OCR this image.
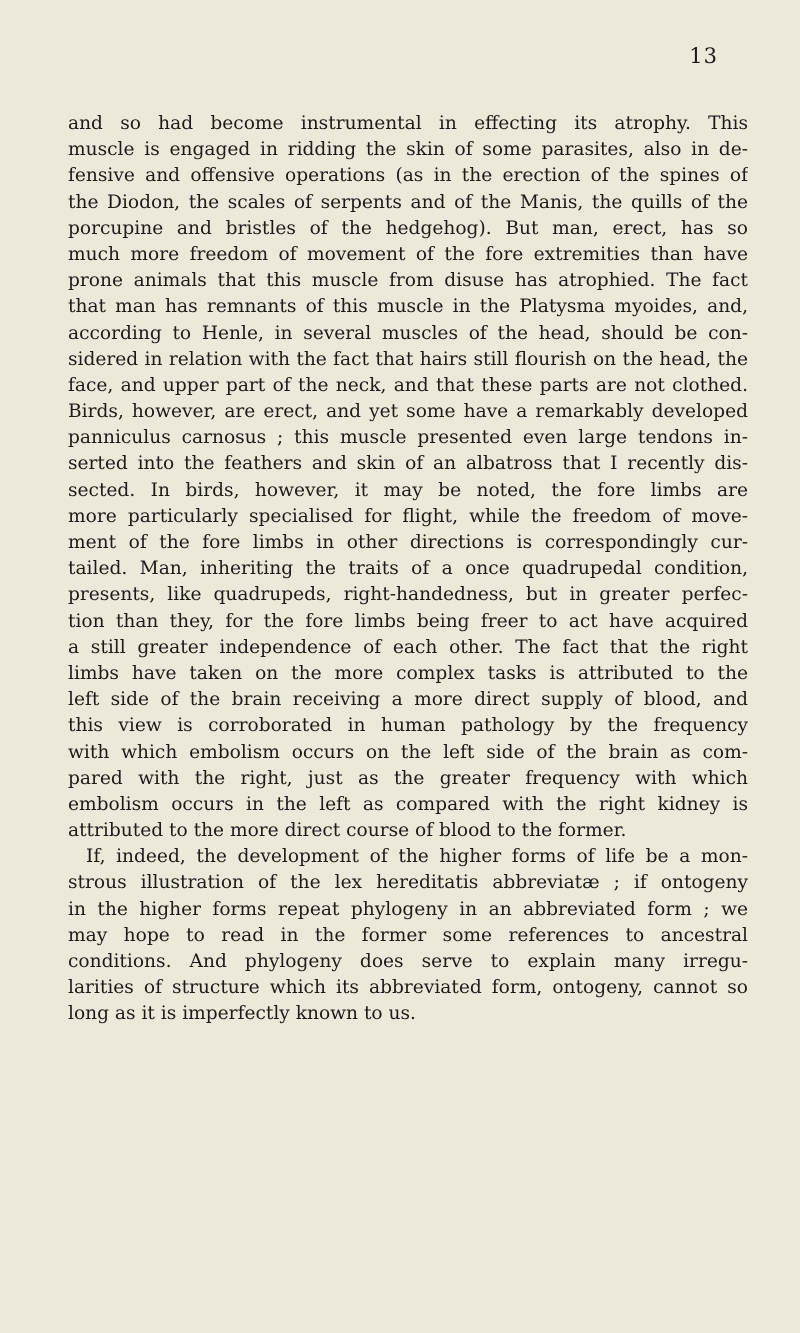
13
and so had become instrumental in effecting its atrophy. This
muscle is engaged in ridding the skin of some parasites, also in de-
fensive and offensive operations (as in the erection of the spines of
the Diodon, the scales of serpents and of the Manis, the quills of the
porcupine and bristles of the hedgehog). But man, erect, has so
much more freedom of movement of the fore extremities than have
prone animals that this muscle from disuse has atrophied. The fact
that man has remnants of this muscle in the Platysma myoides, and,
according to Henle, in several muscles of the head, should be con-
sidered in relation with the fact that hairs still flourish on the head, the
face, and upper part of the neck, and that these parts are not clothed.
Birds, however, are erect, and yet some have a remarkably developed
panniculus carnosus ; this muscle presented even large tendons in-
serted into the feathers and skin of an albatross that I recently dis-
sected. In birds, however, it may be noted, the fore limbs are
more particularly specialised for flight, while the freedom of move-
ment of the fore limbs in other directions is correspondingly cur-
tailed. Man, inheriting the traits of a once quadrupedal condition,
presents, like quadrupeds, right-handedness, but in greater perfec-
tion than they, for the fore limbs being freer to act have acquired
a still greater independence of each other. The fact that the right
limbs have taken on the more complex tasks is attributed to the
left side of the brain receiving a more direct supply of blood, and
this view is corroborated in human pathology by the frequency
with which embolism occurs on the left side of the brain as com-
pared with the right, just as the greater frequency with which
embolism occurs in the left as compared with the right kidney is
attributed to the more direct course of blood to the former.
If, indeed, the development of the higher forms of life be a mon-
strous illustration of the lex hereditatis abbreviatæ ; if ontogeny
in the higher forms repeat phylogeny in an abbreviated form ; we
may hope to read in the former some references to ancestral
conditions. And phylogeny does serve to explain many irregu-
larities of structure which its abbreviated form, ontogeny, cannot so
long as it is imperfectly known to us.
